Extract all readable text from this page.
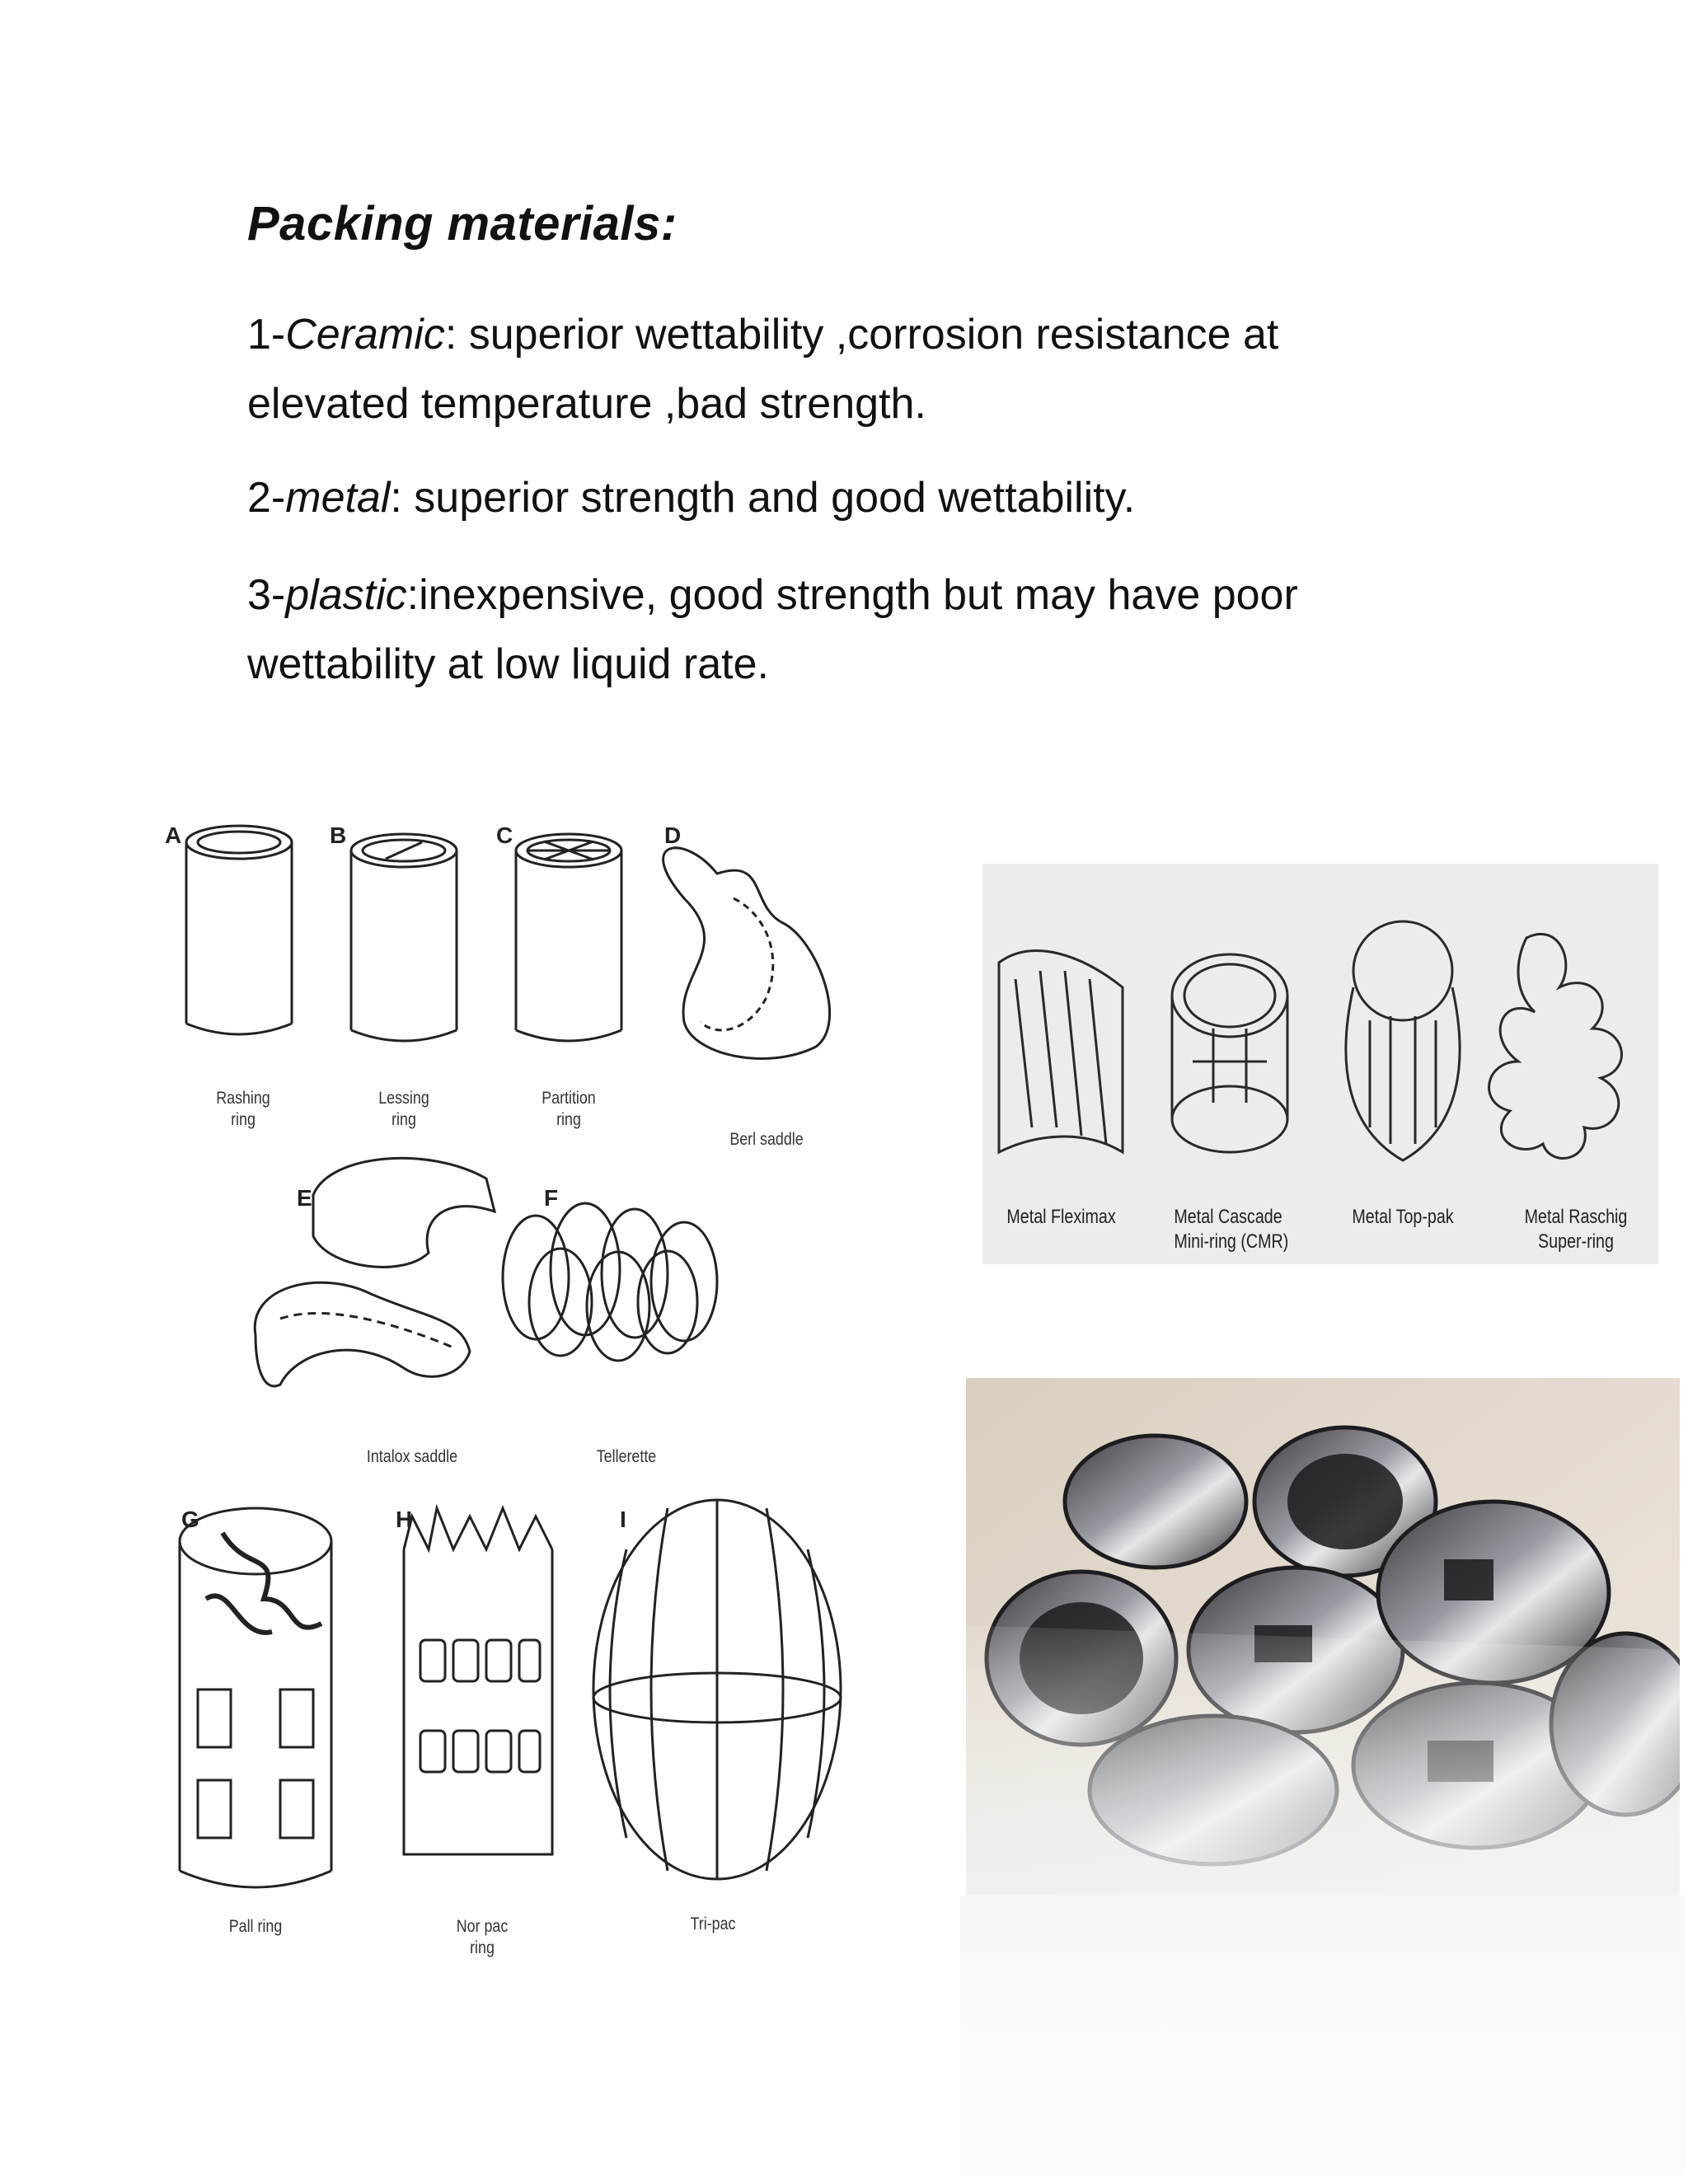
Packing materials:

1-Ceramic: superior wettability ,corrosion resistance at
elevated temperature ,bad strength.

2-metal: superior strength and good wettability.

3-plastic:inexpensive, good strength but may have poor
wettability at low liquid rate.

A	B	C	D
E	F
G	H	I
Rashing
ring
Lessing
ring
Partition
ring
Berl saddle
Intalox saddle	Tellerette
Pall ring	Nor pac
ring
Tri-pac
Metal Fleximax	Metal Cascade
Mini-ring (CMR)
Metal Top-pak	Metal Raschig
Super-ring
